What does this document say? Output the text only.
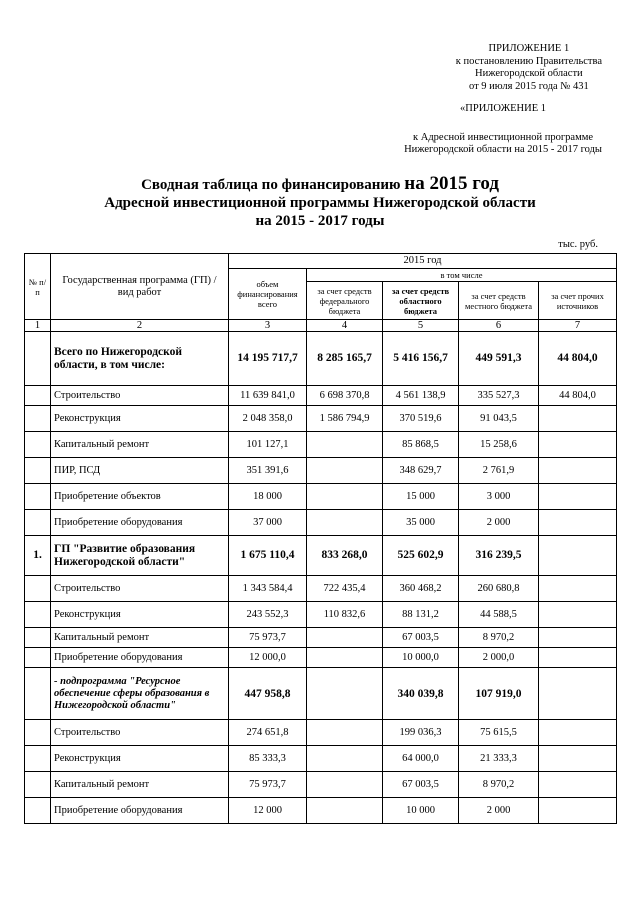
ПРИЛОЖЕНИЕ 1
к постановлению Правительства
Нижегородской области
от 9 июля 2015 года № 431
«ПРИЛОЖЕНИЕ 1
к Адресной инвестиционной программе
Нижегородской области на 2015 - 2017 годы
Сводная таблица по финансированию на 2015 год
Адресной инвестиционной программы Нижегородской области
на 2015 - 2017 годы
тыс. руб.
№ п/п	Государственная программа (ГП) / вид работ	2015 год				
		объем финансирования всего	в том числе			
			за счет средств федерального бюджета	за счет средств областного бюджета	за счет средств местного бюджета	за счет прочих источников
1	2	3	4	5	6	7
	Всего по Нижегородской области, в том числе:	14 195 717,7	8 285 165,7	5 416 156,7	449 591,3	44 804,0
	Строительство	11 639 841,0	6 698 370,8	4 561 138,9	335 527,3	44 804,0
	Реконструкция	2 048 358,0	1 586 794,9	370 519,6	91 043,5	
	Капитальный ремонт	101 127,1		85 868,5	15 258,6	
	ПИР, ПСД	351 391,6		348 629,7	2 761,9	
	Приобретение объектов	18 000		15 000	3 000	
	Приобретение оборудования	37 000		35 000	2 000	
1.	ГП "Развитие образования Нижегородской области"	1 675 110,4	833 268,0	525 602,9	316 239,5	
	Строительство	1 343 584,4	722 435,4	360 468,2	260 680,8	
	Реконструкция	243 552,3	110 832,6	88 131,2	44 588,5	
	Капитальный ремонт	75 973,7		67 003,5	8 970,2	
	Приобретение оборудования	12 000,0		10 000,0	2 000,0	
	- подпрограмма "Ресурсное обеспечение сферы образования в Нижегородской области"	447 958,8		340 039,8	107 919,0	
	Строительство	274 651,8		199 036,3	75 615,5	
	Реконструкция	85 333,3		64 000,0	21 333,3	
	Капитальный ремонт	75 973,7		67 003,5	8 970,2	
	Приобретение оборудования	12 000		10 000	2 000	
